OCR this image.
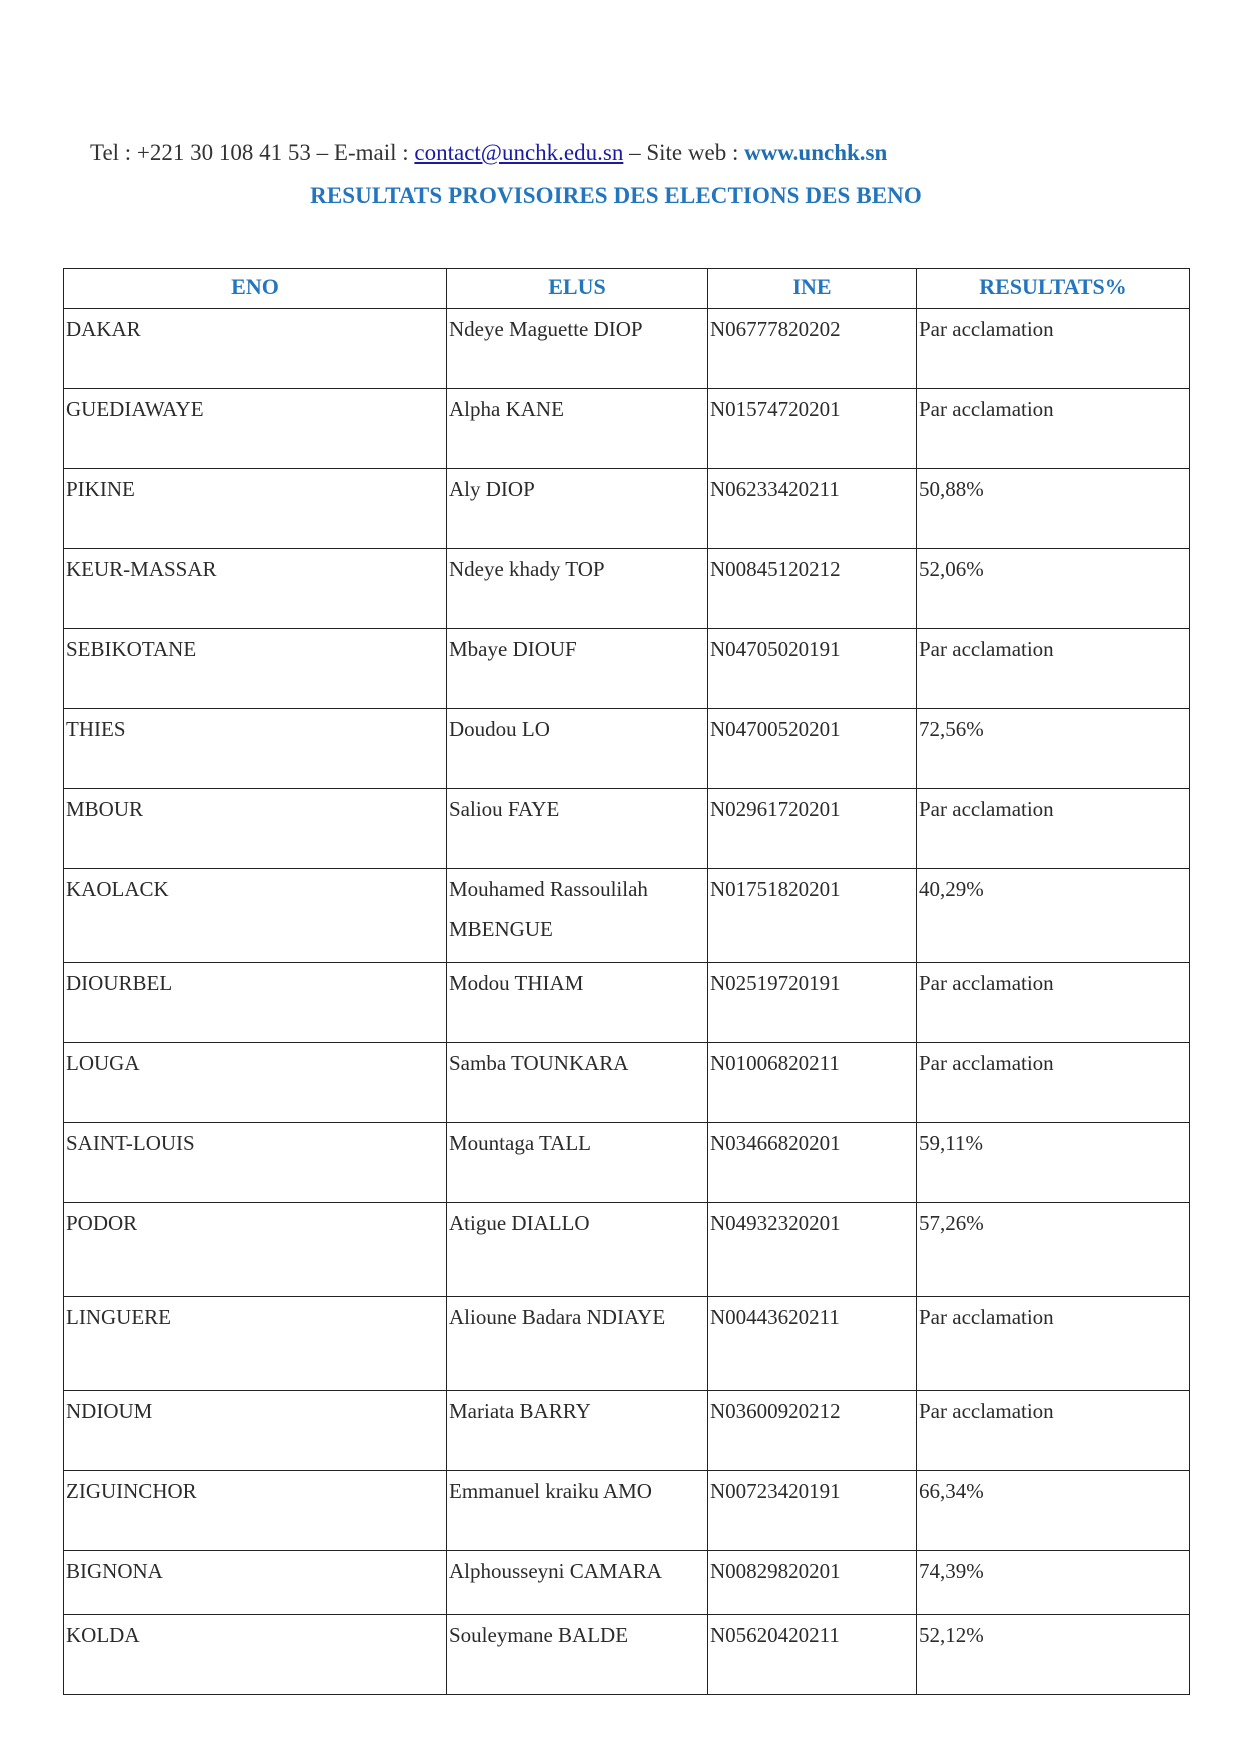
Tel : +221 30 108 41 53 – E-mail : contact@unchk.edu.sn – Site web : www.unchk.sn
RESULTATS PROVISOIRES DES ELECTIONS DES BENO
ENO	ELUS	INE	RESULTATS%
DAKAR	Ndeye Maguette DIOP	N06777820202	Par acclamation
GUEDIAWAYE	Alpha KANE	N01574720201	Par acclamation
PIKINE	Aly DIOP	N06233420211	50,88%
KEUR-MASSAR	Ndeye khady TOP	N00845120212	52,06%
SEBIKOTANE	Mbaye DIOUF	N04705020191	Par acclamation
THIES	Doudou LO	N04700520201	72,56%
MBOUR	Saliou FAYE	N02961720201	Par acclamation
KAOLACK	Mouhamed Rassoulilah MBENGUE	N01751820201	40,29%
DIOURBEL	Modou THIAM	N02519720191	Par acclamation
LOUGA	Samba TOUNKARA	N01006820211	Par acclamation
SAINT-LOUIS	Mountaga TALL	N03466820201	59,11%
PODOR	Atigue DIALLO	N04932320201	57,26%
LINGUERE	Alioune Badara NDIAYE	N00443620211	Par acclamation
NDIOUM	Mariata BARRY	N03600920212	Par acclamation
ZIGUINCHOR	Emmanuel kraiku AMO	N00723420191	66,34%
BIGNONA	Alphousseyni CAMARA	N00829820201	74,39%
KOLDA	Souleymane BALDE	N05620420211	52,12%
